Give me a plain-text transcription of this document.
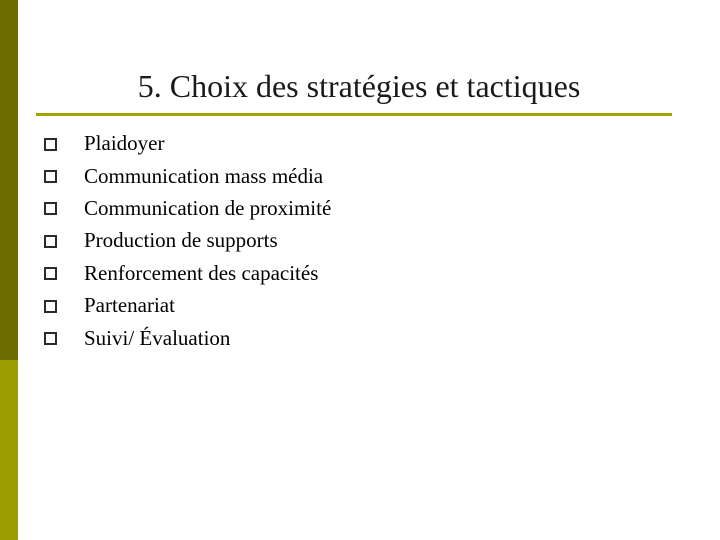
5. Choix des stratégies et tactiques
Plaidoyer
Communication mass média
Communication de proximité
Production de supports
Renforcement des capacités
Partenariat
Suivi/ Évaluation
